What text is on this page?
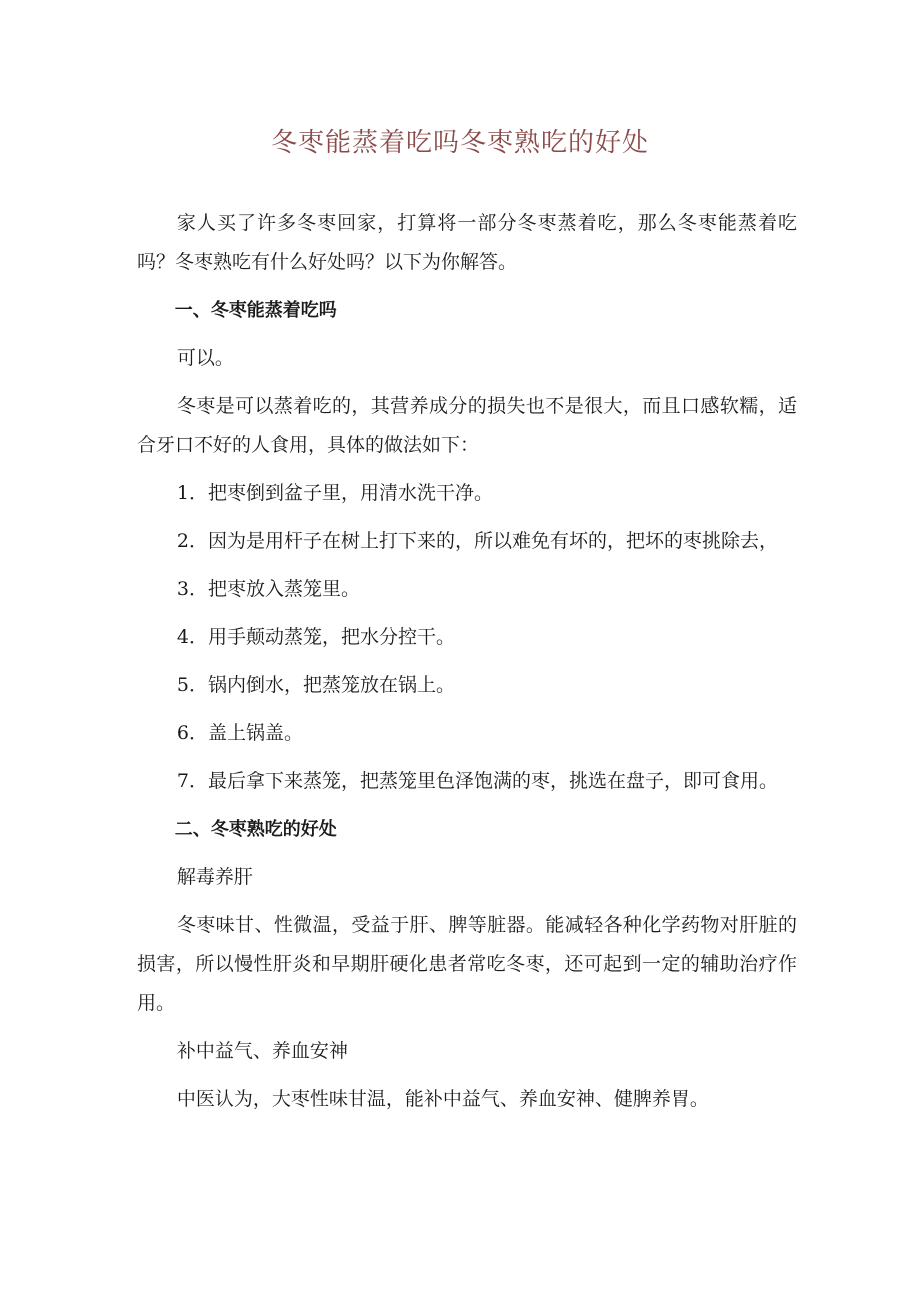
冬枣能蒸着吃吗冬枣熟吃的好处

家人买了许多冬枣回家，打算将一部分冬枣蒸着吃，那么冬枣能蒸着吃吗？冬枣熟吃有什么好处吗？以下为你解答。

一、冬枣能蒸着吃吗

可以。

冬枣是可以蒸着吃的，其营养成分的损失也不是很大，而且口感软糯，适合牙口不好的人食用，具体的做法如下：

1．把枣倒到盆子里，用清水洗干净。

2．因为是用杆子在树上打下来的，所以难免有坏的，把坏的枣挑除去，

3．把枣放入蒸笼里。

4．用手颠动蒸笼，把水分控干。

5．锅内倒水，把蒸笼放在锅上。

6．盖上锅盖。

7．最后拿下来蒸笼，把蒸笼里色泽饱满的枣，挑选在盘子，即可食用。

二、冬枣熟吃的好处

解毒养肝

冬枣味甘、性微温，受益于肝、脾等脏器。能减轻各种化学药物对肝脏的损害，所以慢性肝炎和早期肝硬化患者常吃冬枣，还可起到一定的辅助治疗作用。

补中益气、养血安神

中医认为，大枣性味甘温，能补中益气、养血安神、健脾养胃。
